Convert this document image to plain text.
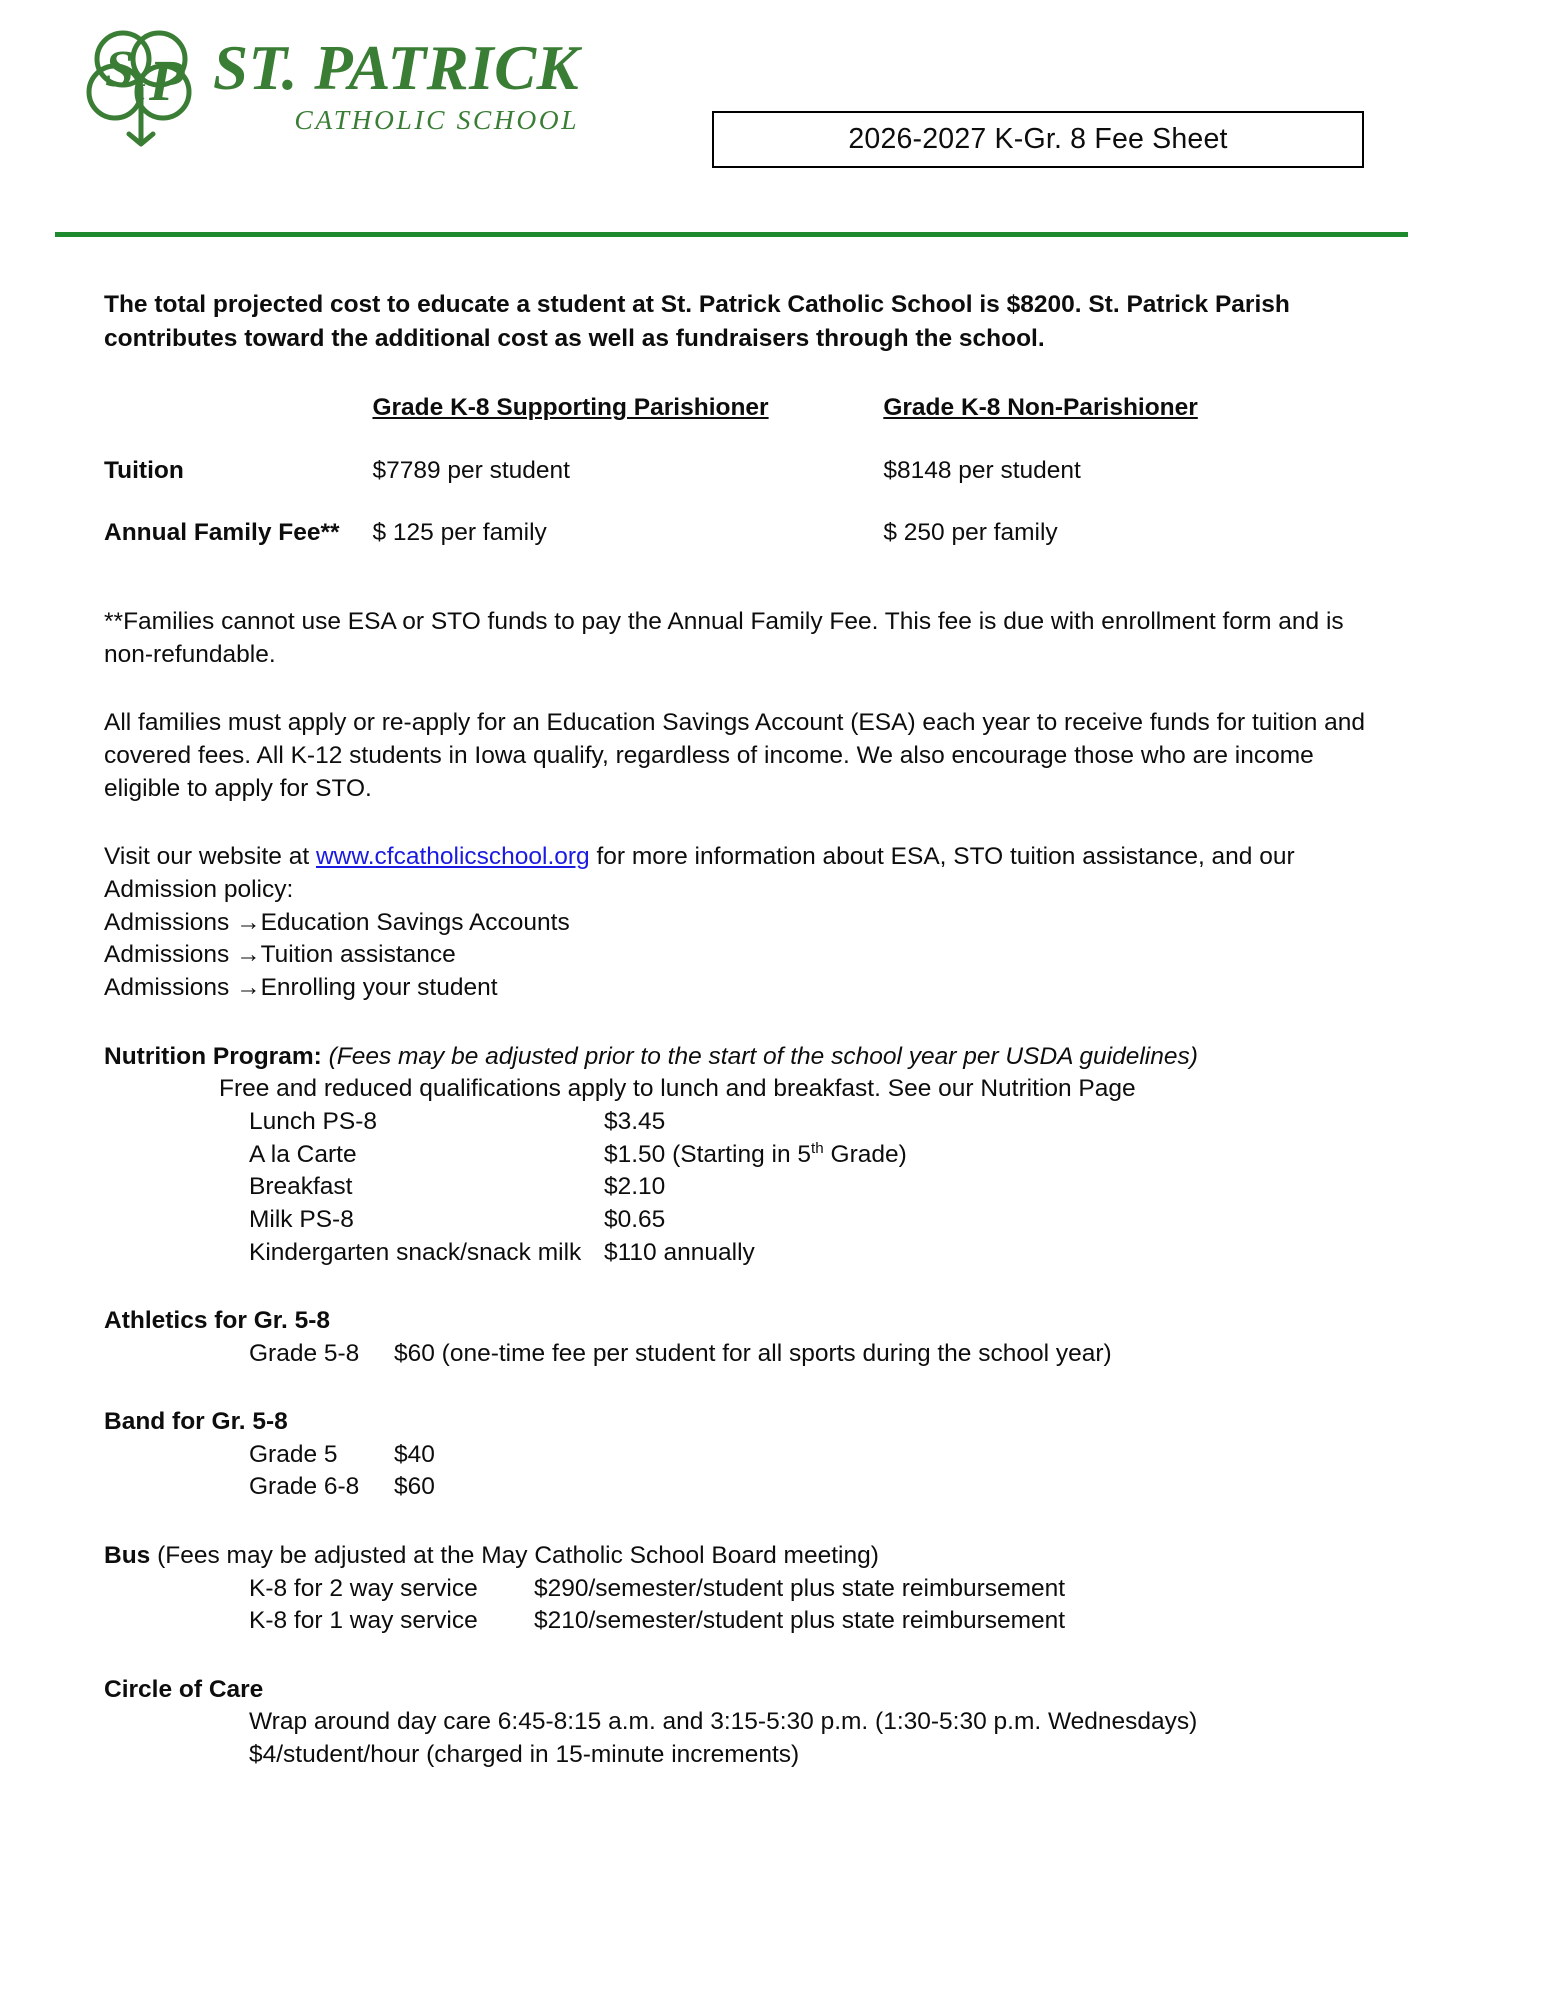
S t P ST. PATRICK
CATHOLIC SCHOOL
2026-2027 K-Gr. 8 Fee Sheet

The total projected cost to educate a student at St. Patrick Catholic School is $8200. St. Patrick Parish contributes toward the additional cost as well as fundraisers through the school.

	Grade K-8 Supporting Parishioner	Grade K-8 Non-Parishioner
Tuition	$7789 per student	$8148 per student
Annual Family Fee**	$ 125 per family	$ 250 per family

**Families cannot use ESA or STO funds to pay the Annual Family Fee. This fee is due with enrollment form and is non-refundable.

All families must apply or re-apply for an Education Savings Account (ESA) each year to receive funds for tuition and covered fees. All K-12 students in Iowa qualify, regardless of income. We also encourage those who are income eligible to apply for STO.

Visit our website at www.cfcatholicschool.org for more information about ESA, STO tuition assistance, and our Admission policy:

Admissions →Education Savings Accounts

Admissions →Tuition assistance

Admissions →Enrolling your student

Nutrition Program: (Fees may be adjusted prior to the start of the school year per USDA guidelines)

Free and reduced qualifications apply to lunch and breakfast. See our Nutrition Page

Lunch PS-8	$3.45
A la Carte	$1.50 (Starting in 5th Grade)
Breakfast	$2.10
Milk PS-8	$0.65
Kindergarten snack/snack milk $110 annually

Athletics for Gr. 5-8

Grade 5-8	$60 (one-time fee per student for all sports during the school year)

Band for Gr. 5-8

Grade 5	$40
Grade 6-8	$60

Bus (Fees may be adjusted at the May Catholic School Board meeting)

K-8 for 2 way service	$290/semester/student plus state reimbursement
K-8 for 1 way service	$210/semester/student plus state reimbursement

Circle of Care

Wrap around day care 6:45-8:15 a.m. and 3:15-5:30 p.m. (1:30-5:30 p.m. Wednesdays)

$4/student/hour (charged in 15-minute increments)
